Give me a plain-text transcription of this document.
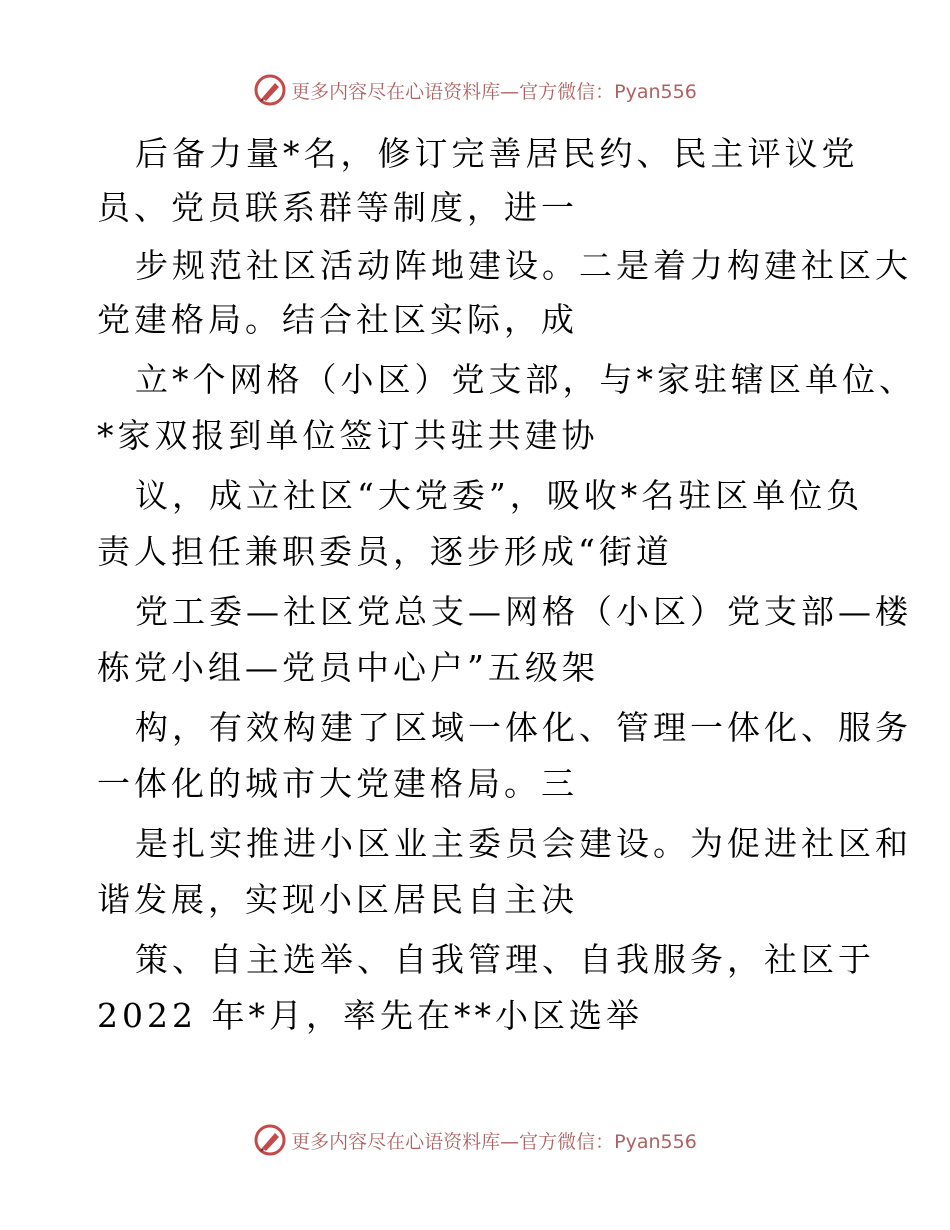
更多内容尽在心语资料库—官方微信：Pyan556
后备力量*名，修订完善居民约、民主评议党
员、党员联系群等制度，进一
步规范社区活动阵地建设。二是着力构建社区大
党建格局。结合社区实际，成
立*个网格（小区）党支部，与*家驻辖区单位、
*家双报到单位签订共驻共建协
议，成立社区“大党委”，吸收*名驻区单位负
责人担任兼职委员，逐步形成“街道
党工委—社区党总支—网格（小区）党支部—楼
栋党小组—党员中心户”五级架
构，有效构建了区域一体化、管理一体化、服务
一体化的城市大党建格局。三
是扎实推进小区业主委员会建设。为促进社区和
谐发展，实现小区居民自主决
策、自主选举、自我管理、自我服务，社区于
2022 年*月，率先在**小区选举
更多内容尽在心语资料库—官方微信：Pyan556
